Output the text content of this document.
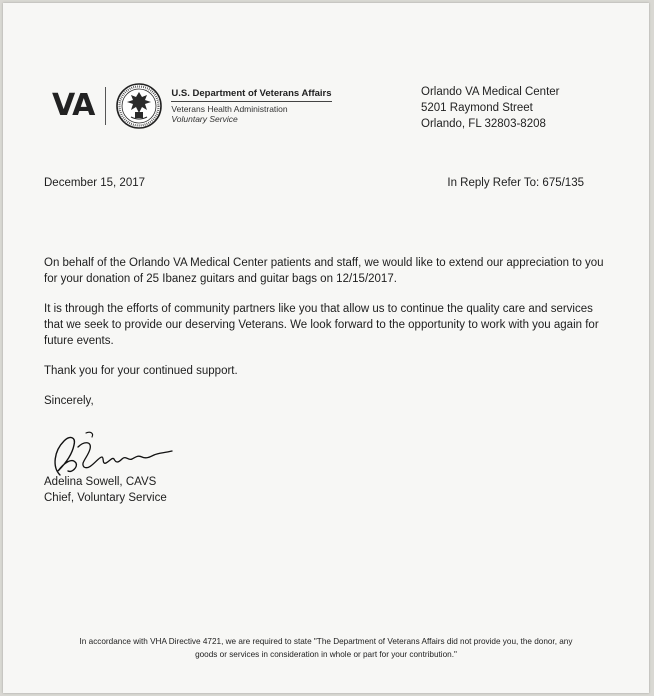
VA	U.S. Department of Veterans Affairs
Veterans Health Administration
Voluntary Service
Orlando VA Medical Center
5201 Raymond Street
Orlando, FL 32803-8208
December 15, 2017	In Reply Refer To: 675/135

On behalf of the Orlando VA Medical Center patients and staff, we would like to extend our appreciation to you for your donation of 25 Ibanez guitars and guitar bags on 12/15/2017.

It is through the efforts of community partners like you that allow us to continue the quality care and services that we seek to provide our deserving Veterans. We look forward to the opportunity to work with you again for future events.

Thank you for your continued support.

Sincerely,

Adelina Sowell, CAVS
Chief, Voluntary Service
In accordance with VHA Directive 4721, we are required to state "The Department of Veterans Affairs did not provide you, the donor, any
goods or services in consideration in whole or part for your contribution."
